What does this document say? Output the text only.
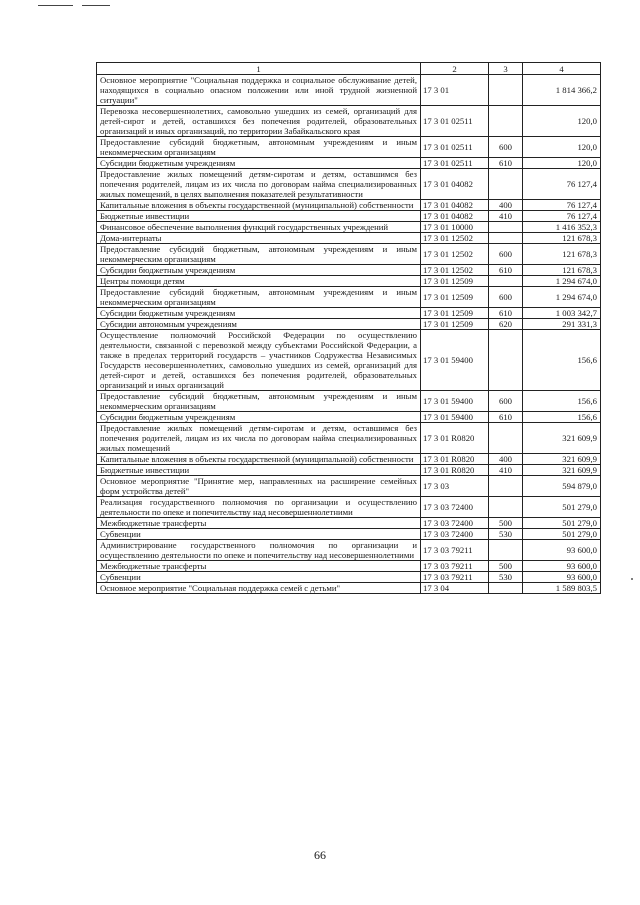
1	2	3	4
Основное мероприятие "Социальная поддержка и социальное обслуживание детей, находящихся в социально опасном положении или иной трудной жизненной ситуации"	17 3 01		1 814 366,2
Перевозка несовершеннолетних, самовольно ушедших из семей, организаций для детей-сирот и детей, оставшихся без попечения родителей, образовательных организаций и иных организаций, по территории Забайкальского края	17 3 01 02511		120,0
Предоставление субсидий бюджетным, автономным учреждениям и иным некоммерческим организациям	17 3 01 02511	600	120,0
Субсидии бюджетным учреждениям	17 3 01 02511	610	120,0
Предоставление жилых помещений детям-сиротам и детям, оставшимся без попечения родителей, лицам из их числа по договорам найма специализированных жилых помещений, в целях выполнения показателей результативности	17 3 01 04082		76 127,4
Капитальные вложения в объекты государственной (муниципальной) собственности	17 3 01 04082	400	76 127,4
Бюджетные инвестиции	17 3 01 04082	410	76 127,4
Финансовое обеспечение выполнения функций государственных учреждений	17 3 01 10000		1 416 352,3
Дома-интернаты	17 3 01 12502		121 678,3
Предоставление субсидий бюджетным, автономным учреждениям и иным некоммерческим организациям	17 3 01 12502	600	121 678,3
Субсидии бюджетным учреждениям	17 3 01 12502	610	121 678,3
Центры помощи детям	17 3 01 12509		1 294 674,0
Предоставление субсидий бюджетным, автономным учреждениям и иным некоммерческим организациям	17 3 01 12509	600	1 294 674,0
Субсидии бюджетным учреждениям	17 3 01 12509	610	1 003 342,7
Субсидии автономным учреждениям	17 3 01 12509	620	291 331,3
Осуществление полномочий Российской Федерации по осуществлению деятельности, связанной с перевозкой между субъектами Российской Федерации, а также в пределах территорий государств – участников Содружества Независимых Государств несовершеннолетних, самовольно ушедших из семей, организаций для детей-сирот и детей, оставшихся без попечения родителей, образовательных организаций и иных организаций	17 3 01 59400		156,6
Предоставление субсидий бюджетным, автономным учреждениям и иным некоммерческим организациям	17 3 01 59400	600	156,6
Субсидии бюджетным учреждениям	17 3 01 59400	610	156,6
Предоставление жилых помещений детям-сиротам и детям, оставшимся без попечения родителей, лицам из их числа по договорам найма специализированных жилых помещений	17 3 01 R0820		321 609,9
Капитальные вложения в объекты государственной (муниципальной) собственности	17 3 01 R0820	400	321 609,9
Бюджетные инвестиции	17 3 01 R0820	410	321 609,9
Основное мероприятие "Принятие мер, направленных на расширение семейных форм устройства детей"	17 3 03		594 879,0
Реализация государственного полномочия по организации и осуществлению деятельности по опеке и попечительству над несовершеннолетними	17 3 03 72400		501 279,0
Межбюджетные трансферты	17 3 03 72400	500	501 279,0
Субвенции	17 3 03 72400	530	501 279,0
Администрирование государственного полномочия по организации и осуществлению деятельности по опеке и попечительству над несовершеннолетними	17 3 03 79211		93 600,0
Межбюджетные трансферты	17 3 03 79211	500	93 600,0
Субвенции	17 3 03 79211	530	93 600,0
Основное мероприятие "Социальная поддержка семей с детьми"	17 3 04		1 589 803,5
66
